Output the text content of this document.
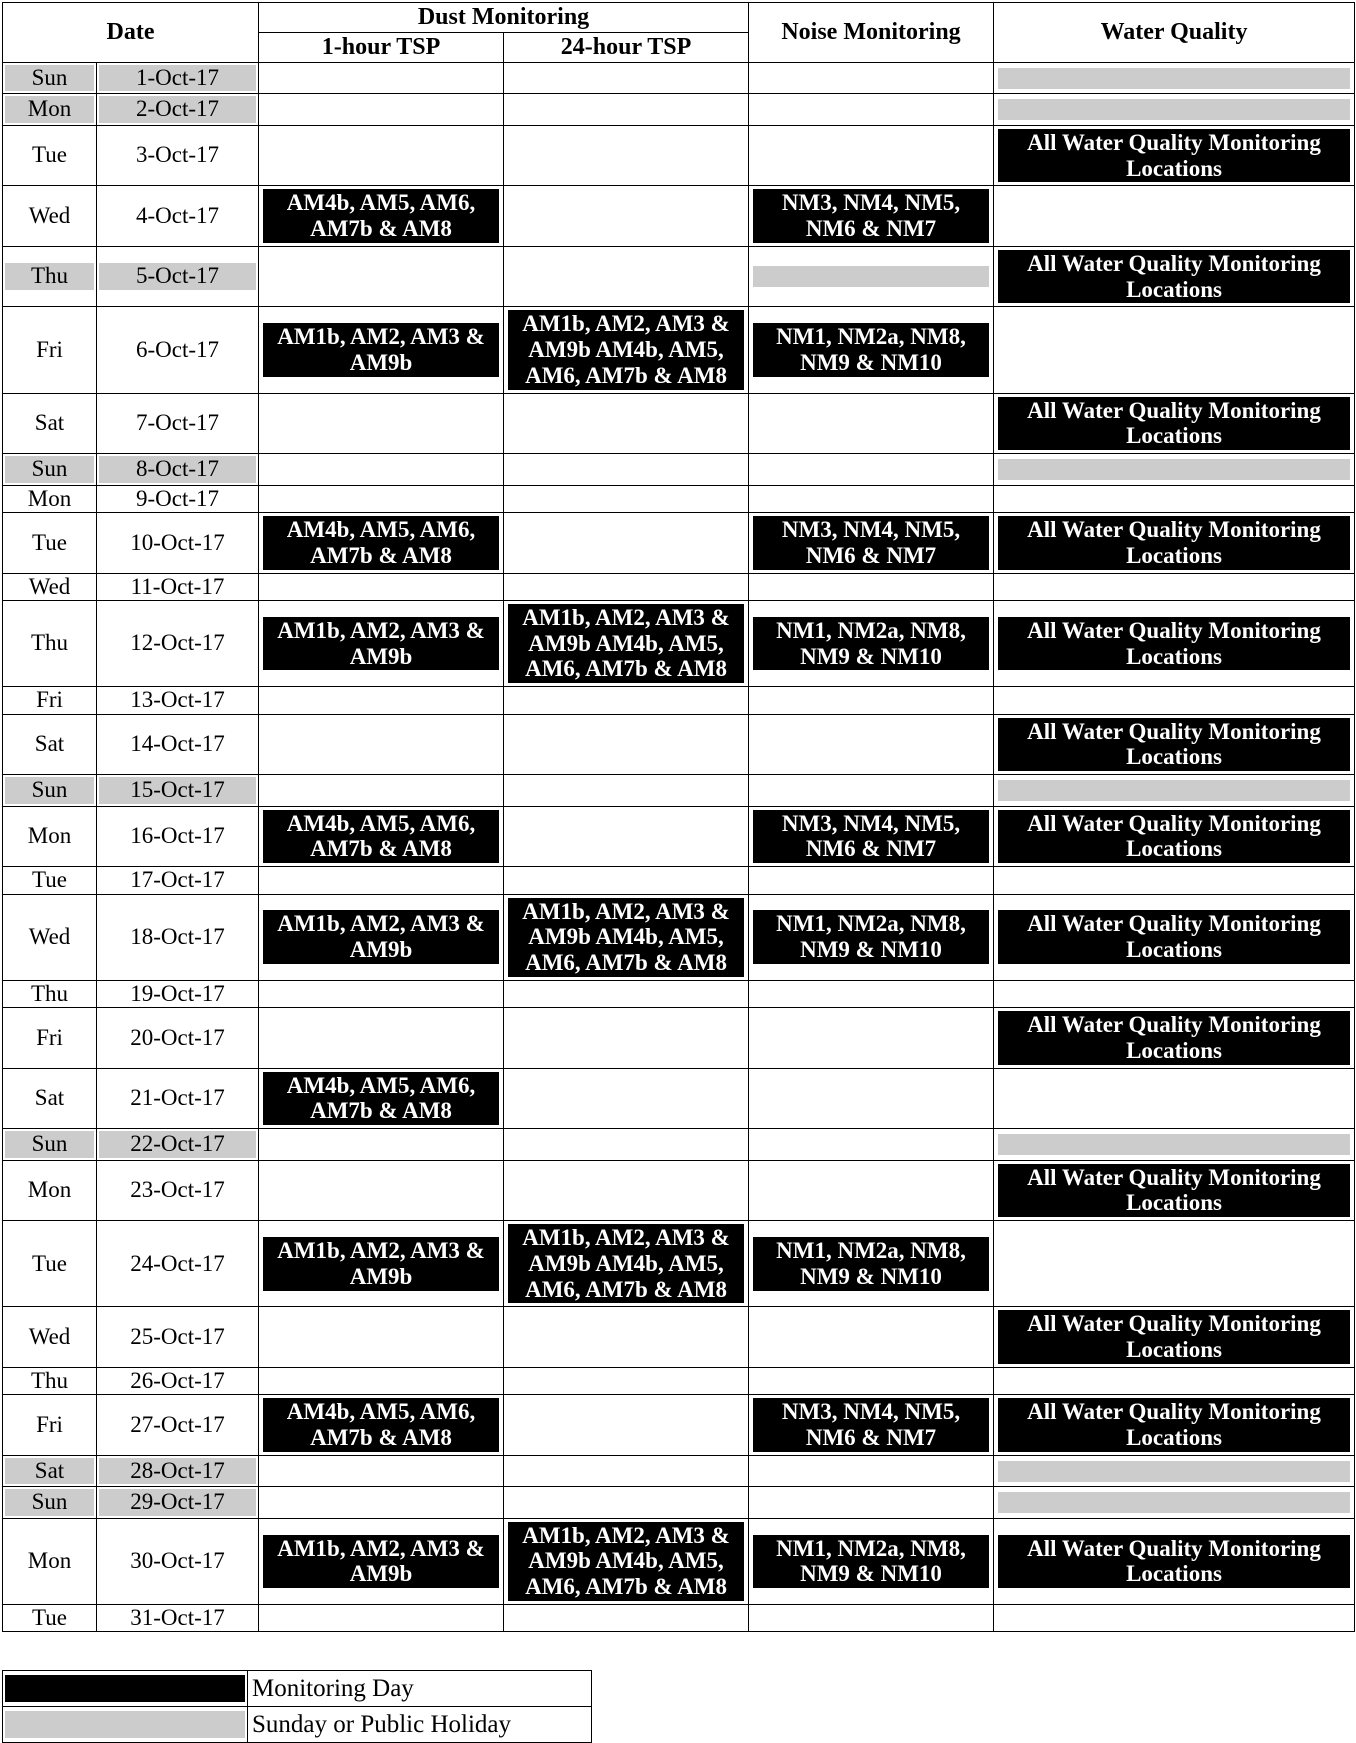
Date		Dust Monitoring		Noise Monitoring	Water Quality
		1-hour TSP	24-hour TSP		

Sun	1-Oct-17				

Mon	2-Oct-17				

Tue	3-Oct-17				All Water Quality Monitoring Locations

Wed	4-Oct-17	AM4b, AM5, AM6, AM7b & AM8		NM3, NM4, NM5, NM6 & NM7	

Thu	5-Oct-17				All Water Quality Monitoring Locations

Fri	6-Oct-17	AM1b, AM2, AM3 & AM9b	AM1b, AM2, AM3 & AM9b AM4b, AM5, AM6, AM7b & AM8	NM1, NM2a, NM8, NM9 & NM10	

Sat	7-Oct-17				All Water Quality Monitoring Locations

Sun	8-Oct-17				

Mon	9-Oct-17				
Tue	10-Oct-17	AM4b, AM5, AM6, AM7b & AM8		NM3, NM4, NM5, NM6 & NM7	All Water Quality Monitoring Locations

Wed	11-Oct-17				
Thu	12-Oct-17	AM1b, AM2, AM3 & AM9b	AM1b, AM2, AM3 & AM9b AM4b, AM5, AM6, AM7b & AM8	NM1, NM2a, NM8, NM9 & NM10	All Water Quality Monitoring Locations

Fri	13-Oct-17				
Sat	14-Oct-17				All Water Quality Monitoring Locations

Sun	15-Oct-17				

Mon	16-Oct-17	AM4b, AM5, AM6, AM7b & AM8		NM3, NM4, NM5, NM6 & NM7	All Water Quality Monitoring Locations

Tue	17-Oct-17				
Wed	18-Oct-17	AM1b, AM2, AM3 & AM9b	AM1b, AM2, AM3 & AM9b AM4b, AM5, AM6, AM7b & AM8	NM1, NM2a, NM8, NM9 & NM10	All Water Quality Monitoring Locations

Thu	19-Oct-17				
Fri	20-Oct-17				All Water Quality Monitoring Locations

Sat	21-Oct-17	AM4b, AM5, AM6, AM7b & AM8			

Sun	22-Oct-17				

Mon	23-Oct-17				All Water Quality Monitoring Locations

Tue	24-Oct-17	AM1b, AM2, AM3 & AM9b	AM1b, AM2, AM3 & AM9b AM4b, AM5, AM6, AM7b & AM8	NM1, NM2a, NM8, NM9 & NM10	

Wed	25-Oct-17				All Water Quality Monitoring Locations

Thu	26-Oct-17				
Fri	27-Oct-17	AM4b, AM5, AM6, AM7b & AM8		NM3, NM4, NM5, NM6 & NM7	All Water Quality Monitoring Locations

Sat	28-Oct-17				

Sun	29-Oct-17				

Mon	30-Oct-17	AM1b, AM2, AM3 & AM9b	AM1b, AM2, AM3 & AM9b AM4b, AM5, AM6, AM7b & AM8	NM1, NM2a, NM8, NM9 & NM10	All Water Quality Monitoring Locations

Tue	31-Oct-17				
	Monitoring Day

	Sunday or Public Holiday
